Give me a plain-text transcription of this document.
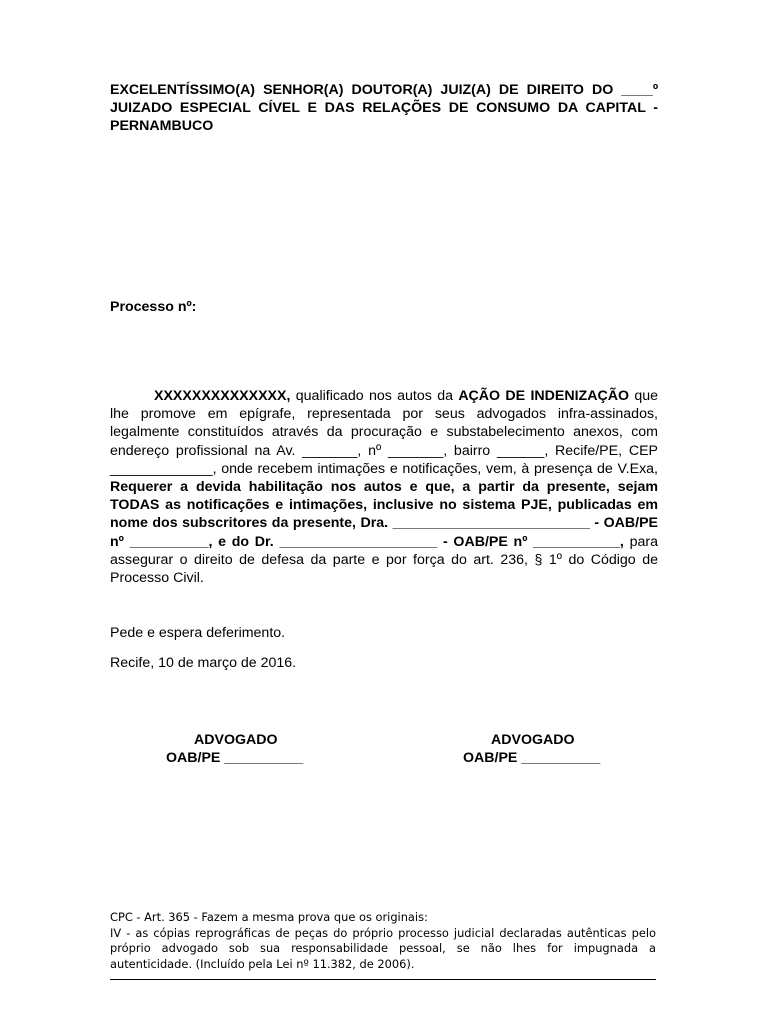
EXCELENTÍSSIMO(A) SENHOR(A) DOUTOR(A) JUIZ(A) DE DIREITO DO ____º JUIZADO ESPECIAL CÍVEL E DAS RELAÇÕES DE CONSUMO DA CAPITAL - PERNAMBUCO
Processo nº:
XXXXXXXXXXXXXX, qualificado nos autos da AÇÃO DE INDENIZAÇÃO que lhe promove em epígrafe, representada por seus advogados infra-assinados, legalmente constituídos através da procuração e substabelecimento anexos, com endereço profissional na Av. _______, nº _______, bairro ______, Recife/PE, CEP _____________, onde recebem intimações e notificações, vem, à presença de V.Exa, Requerer a devida habilitação nos autos e que, a partir da presente, sejam TODAS as notificações e intimações, inclusive no sistema PJE, publicadas em nome dos subscritores da presente, Dra. _________________________ - OAB/PE nº __________, e do Dr. ____________________ - OAB/PE nº ___________, para assegurar o direito de defesa da parte e por força do art. 236, § 1º do Código de Processo Civil.
Pede e espera deferimento.
Recife, 10 de março de 2016.
ADVOGADO
OAB/PE __________
ADVOGADO
OAB/PE __________
CPC - Art. 365 - Fazem a mesma prova que os originais:
IV - as cópias reprográficas de peças do próprio processo judicial declaradas autênticas pelo próprio advogado sob sua responsabilidade pessoal, se não lhes for impugnada a autenticidade. (Incluído pela Lei nº 11.382, de 2006).
